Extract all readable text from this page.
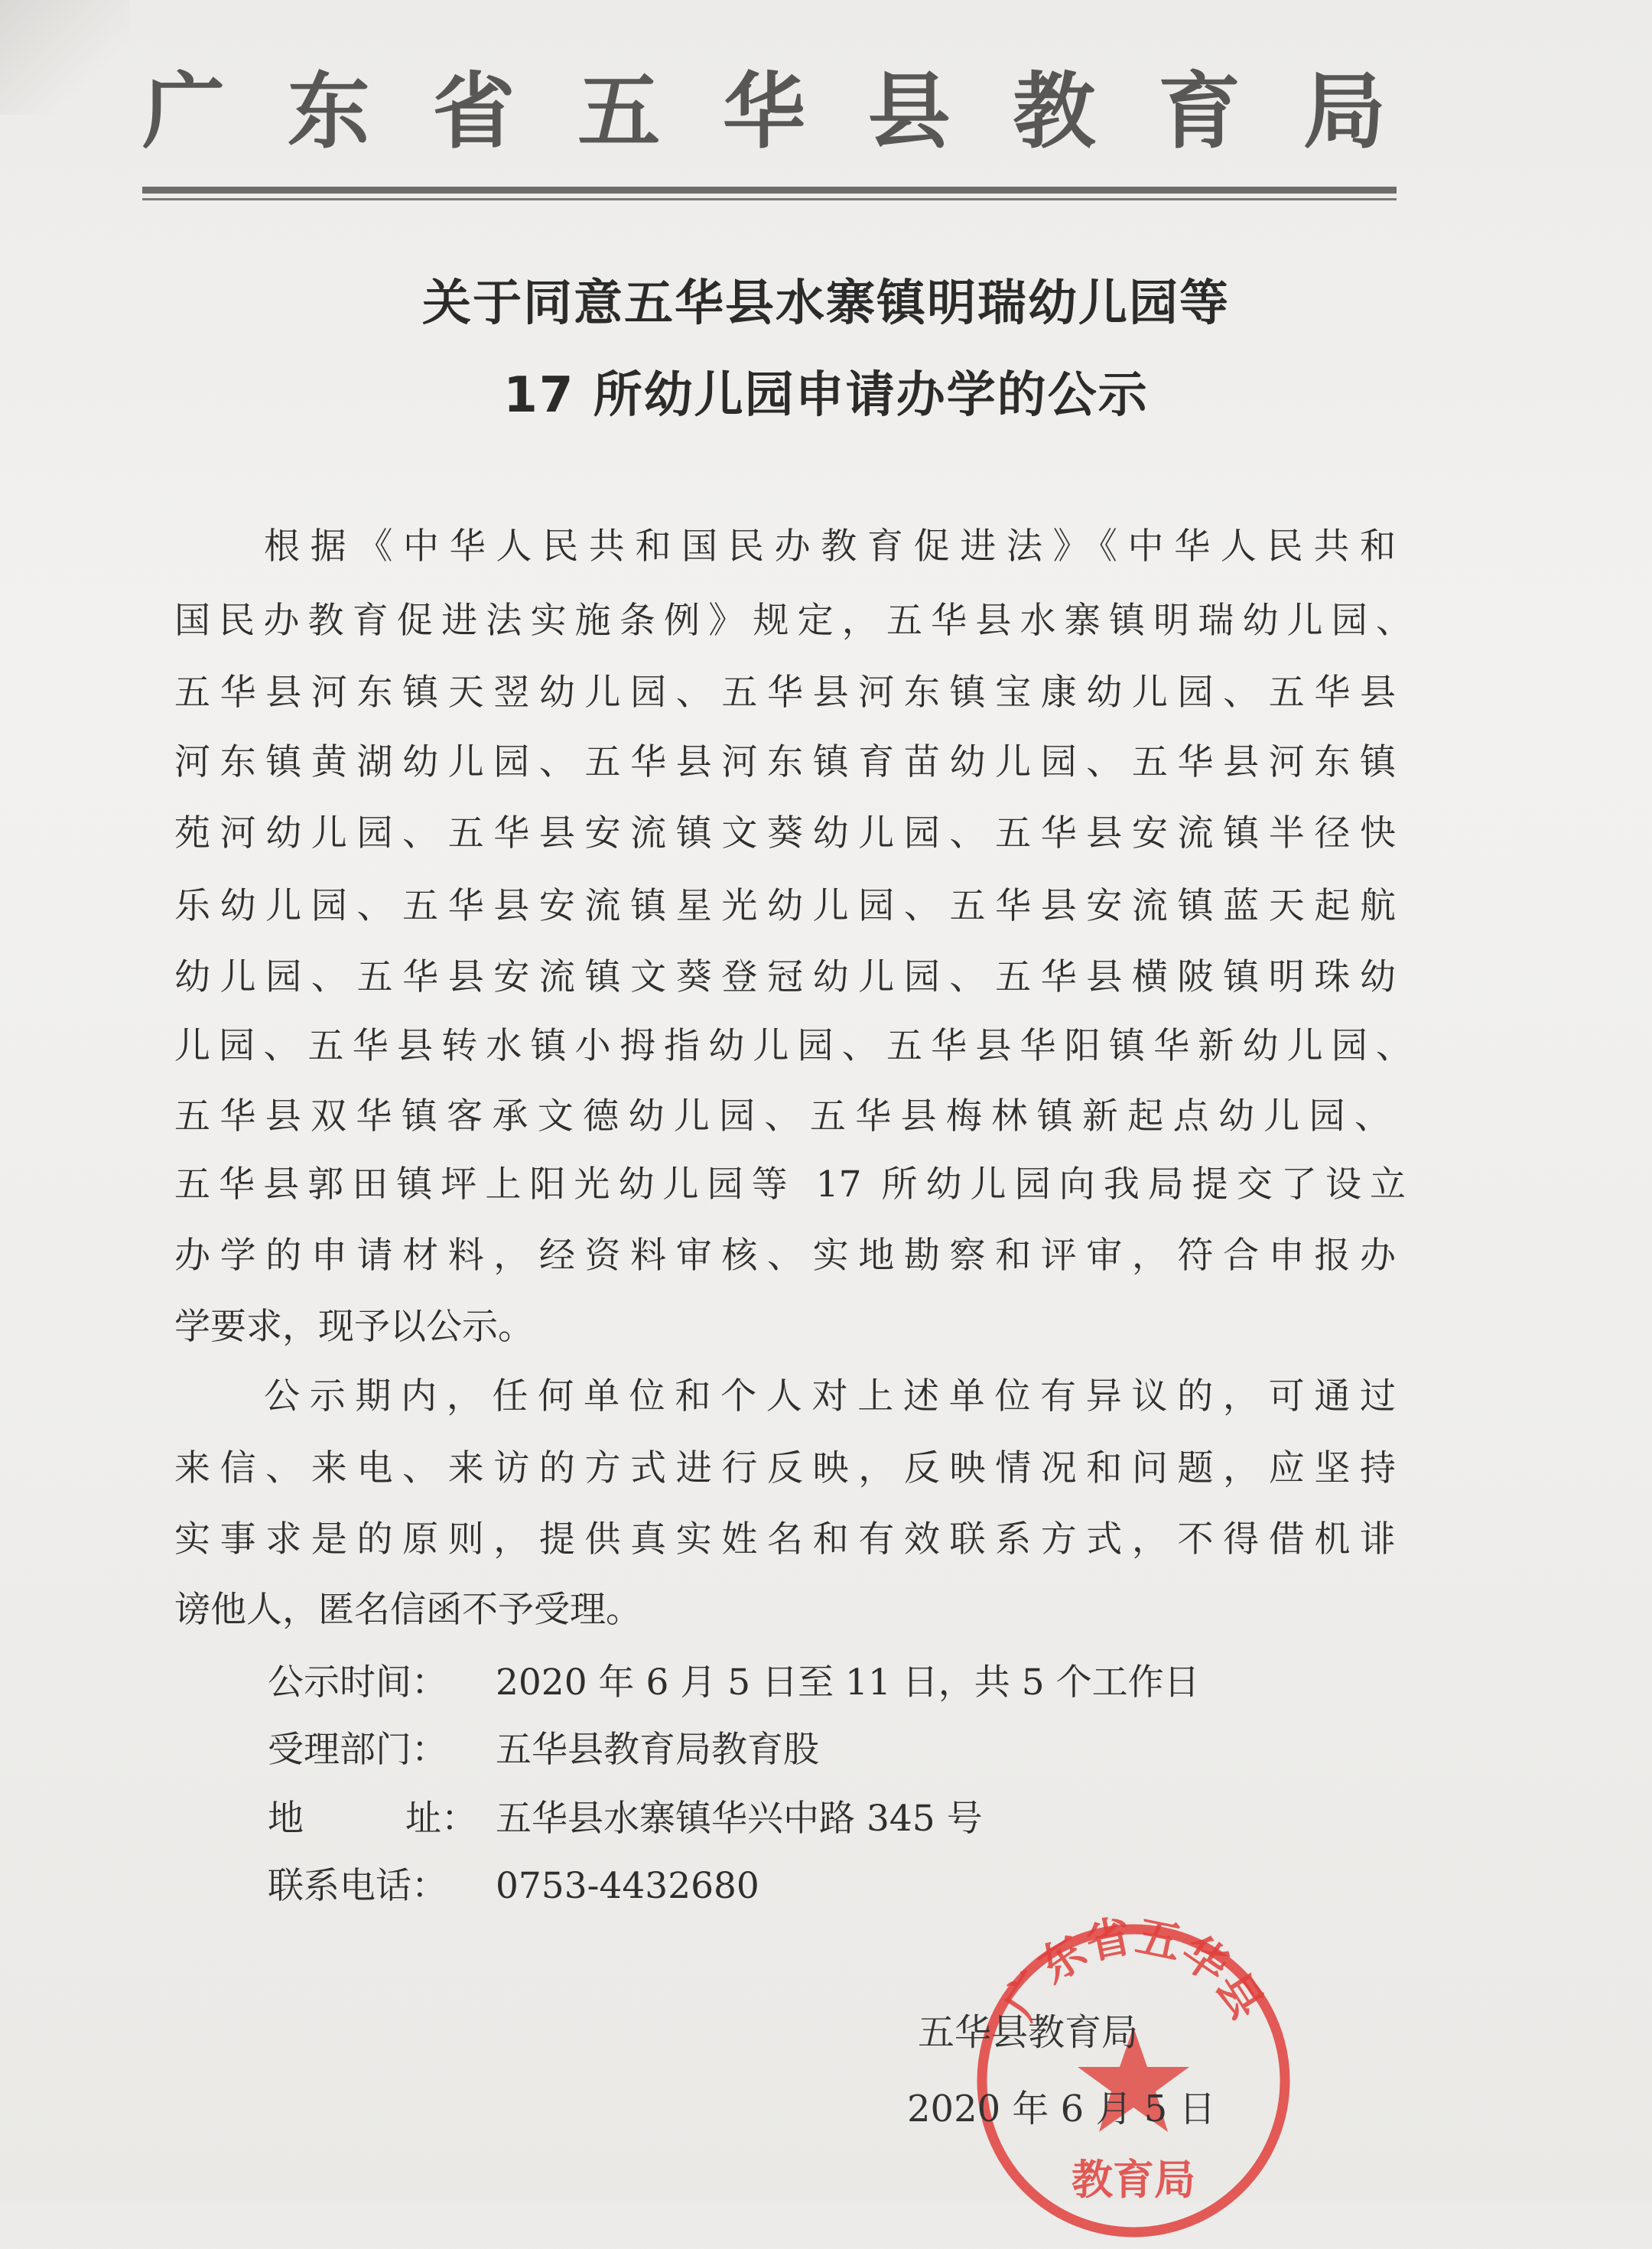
广 东 省 五 华 县 教 育 局
关于同意五华县水寨镇明瑞幼儿园等
17 所幼儿园申请办学的公示
根据《中华人民共和国民办教育促进法》《中华人民共和
国民办教育促进法实施条例》规定，五华县水寨镇明瑞幼儿园、
五华县河东镇天翌幼儿园、五华县河东镇宝康幼儿园、五华县
河东镇黄湖幼儿园、五华县河东镇育苗幼儿园、五华县河东镇
苑河幼儿园、五华县安流镇文葵幼儿园、五华县安流镇半径快
乐幼儿园、五华县安流镇星光幼儿园、五华县安流镇蓝天起航
幼儿园、五华县安流镇文葵登冠幼儿园、五华县横陂镇明珠幼
儿园、五华县转水镇小拇指幼儿园、五华县华阳镇华新幼儿园、
五华县双华镇客承文德幼儿园、五华县梅林镇新起点幼儿园、
五华县郭田镇坪上阳光幼儿园等 17 所幼儿园向我局提交了设立
办学的申请材料，经资料审核、实地勘察和评审，符合申报办
学要求，现予以公示。
公示期内，任何单位和个人对上述单位有异议的，可通过
来信、来电、来访的方式进行反映，反映情况和问题，应坚持
实事求是的原则，提供真实姓名和有效联系方式，不得借机诽
谤他人，匿名信函不予受理。
公示时间： 2020 年 6 月 5 日至 11 日，共 5 个工作日
受理部门： 五华县教育局教育股
地	址： 五华县水寨镇华兴中路 345 号
联系电话： 0753-4432680
广东省五华县
教育局
五华县教育局
2020 年 6 月 5 日
